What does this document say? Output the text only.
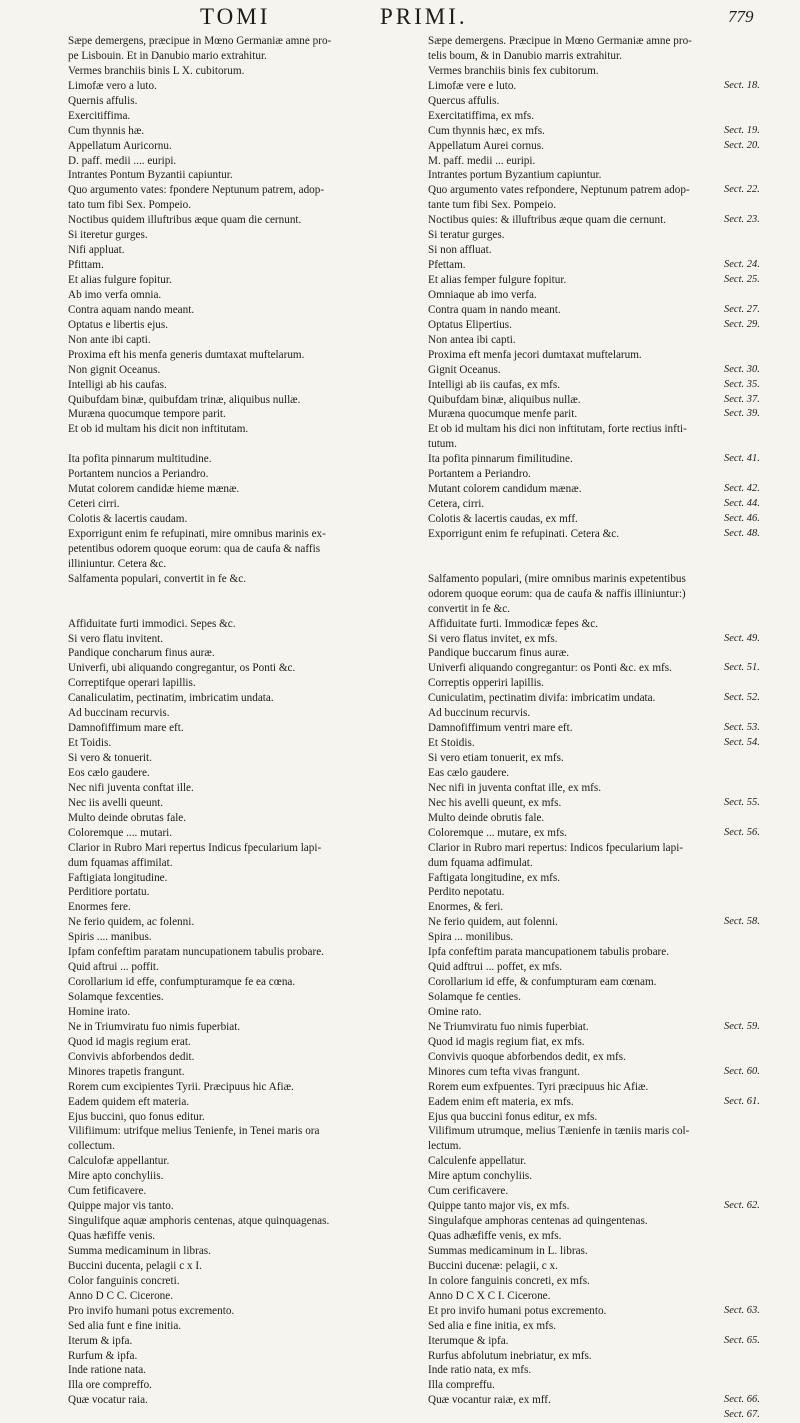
TOMI	PRIMI.	779
Sæpe demergens, præcipue in Mœno Germaniæ amne pro-
pe Lisbouin. Et in Danubio mario extrahitur.
Vermes branchiis binis L X. cubitorum.
Limofæ vero a luto.
Quernis affulis.
Exercitiffima.
Cum thynnis hæ.
Appellatum Auricornu.
D. paff. medii .... euripi.
Intrantes Pontum Byzantii capiuntur.
Quo argumento vates: fpondere Neptunum patrem, adop-
tato tum fibi Sex. Pompeio.
Noctibus quidem illuftribus æque quam die cernunt.
Si iteretur gurges.
Nifi appluat.
Pfittam.
Et alias fulgure fopitur.
Ab imo verfa omnia.
Contra aquam nando meant.
Optatus e libertis ejus.
Non ante ibi capti.
Proxima eft his menfa generis dumtaxat muftelarum.
Non gignit Oceanus.
Intelligi ab his caufas.
Quibufdam binæ, quibufdam trinæ, aliquibus nullæ.
Muræna quocumque tempore parit.
Et ob id multam his dicit non inftitutam.
Ita pofita pinnarum multitudine.
Portantem nuncios a Periandro.
Mutat colorem candidæ hieme mænæ.
Ceteri cirri.
Colotis & lacertis caudam.
Exporrigunt enim fe refupinati, mire omnibus marinis ex-
petentibus odorem quoque eorum: qua de caufa & naffis
illiniuntur. Cetera &c.
Salfamenta populari, convertit in fe &c.
Affiduitate furti immodici. Sepes &c.
Si vero flatu invitent.
Pandique concharum finus auræ.
Univerfi, ubi aliquando congregantur, os Ponti &c.
Correptifque operari lapillis.
Canaliculatim, pectinatim, imbricatim undata.
Ad buccinam recurvis.
Damnofiffimum mare eft.
Et Toidis.
Si vero & tonuerit.
Eos cælo gaudere.
Nec nifi juventa conftat ille.
Nec iis avelli queunt.
Multo deinde obrutas fale.
Coloremque .... mutari.
Clarior in Rubro Mari repertus Indicus fpecularium lapi-
dum fquamas affimilat.
Faftigiata longitudine.
Perditiore portatu.
Enormes fere.
Ne ferio quidem, ac folenni.
Spiris .... manibus.
Ipfam confeftim paratam nuncupationem tabulis probare.
Quid aftrui ... poffit.
Corollarium id effe, confumpturamque fe ea cœna.
Solamque fexcenties.
Homine irato.
Ne in Triumviratu fuo nimis fuperbiat.
Quod id magis regium erat.
Convivis abforbendos dedit.
Minores trapetis frangunt.
Rorem cum excipientes Tyrii. Præcipuus hic Afiæ.
Eadem quidem eft materia.
Ejus buccini, quo fonus editur.
Vilifiimum: utrifque melius Tenienfe, in Tenei maris ora
collectum.
Calculofæ appellantur.
Mire apto conchyliis.
Cum fetificavere.
Quippe major vis tanto.
Singulifque aquæ amphoris centenas, atque quinquagenas.
Quas hæfiffe venis.
Summa medicaminum in libras.
Buccini ducenta, pelagii c x I.
Color fanguinis concreti.
Anno D C C. Cicerone.
Pro invifo humani potus excremento.
Sed alia funt e fine initia.
Iterum & ipfa.
Rurfum & ipfa.
Inde ratione nata.
Illa ore compreffo.
Quæ vocatur raia.
Sæpe demergens. Præcipue in Mœno Germaniæ amne pro-
telis boum, & in Danubio marris extrahitur.
Vermes branchiis binis fex cubitorum.
Limofæ vere e luto.
Quercus affulis.
Exercitatiffima, ex mfs.
Cum thynnis hæc, ex mfs.
Appellatum Aurei cornus.
M. paff. medii ... euripi.
Intrantes portum Byzantium capiuntur.
Quo argumento vates refpondere, Neptunum patrem adop-
tante tum fibi Sex. Pompeio.
Noctibus quies: & illuftribus æque quam die cernunt.
Si teratur gurges.
Si non affluat.
Pfettam.
Et alias femper fulgure fopitur.
Omniaque ab imo verfa.
Contra quam in nando meant.
Optatus Elipertius.
Non antea ibi capti.
Proxima eft menfa jecori dumtaxat muftelarum.
Gignit Oceanus.
Intelligi ab iis caufas, ex mfs.
Quibufdam binæ, aliquibus nullæ.
Muræna quocumque menfe parit.
Et ob id multam his dici non inftitutam, forte rectius infti-
tutum.
Ita pofita pinnarum fimilitudine.
Portantem a Periandro.
Mutant colorem candidum mænæ.
Cetera, cirri.
Colotis & lacertis caudas, ex mff.
Exporrigunt enim fe refupinati. Cetera &c.
Salfamento populari, (mire omnibus marinis expetentibus
odorem quoque eorum: qua de caufa & naffis illiniuntur:)
convertit in fe &c.
Affiduitate furti. Immodicæ fepes &c.
Si vero flatus invitet, ex mfs.
Pandique buccarum finus auræ.
Univerfi aliquando congregantur: os Ponti &c. ex mfs.
Correptis opperiri lapillis.
Cuniculatim, pectinatim divifa: imbricatim undata.
Ad buccinum recurvis.
Damnofiffimum ventri mare eft.
Et Stoidis.
Si vero etiam tonuerit, ex mfs.
Eas cælo gaudere.
Nec nifi in juventa conftat ille, ex mfs.
Nec his avelli queunt, ex mfs.
Multo deinde obrutis fale.
Coloremque ... mutare, ex mfs.
Clarior in Rubro mari repertus: Indicos fpecularium lapi-
dum fquama adfimulat.
Faftigata longitudine, ex mfs.
Perdito nepotatu.
Enormes, & feri.
Ne ferio quidem, aut folenni.
Spira ... monilibus.
Ipfa confeftim parata mancupationem tabulis probare.
Quid adftrui ... poffet, ex mfs.
Corollarium id effe, & confumpturam eam cœnam.
Solamque fe centies.
Omine rato.
Ne Triumviratu fuo nimis fuperbiat.
Quod id magis regium fiat, ex mfs.
Convivis quoque abforbendos dedit, ex mfs.
Minores cum tefta vivas frangunt.
Rorem eum exfpuentes. Tyri præcipuus hic Afiæ.
Eadem enim eft materia, ex mfs.
Ejus qua buccini fonus editur, ex mfs.
Vilifimum utrumque, melius Tænienfe in tæniis maris col-
lectum.
Calculenfe appellatur.
Mire aptum conchyliis.
Cum cerificavere.
Quippe tanto major vis, ex mfs.
Singulafque amphoras centenas ad quingentenas.
Quas adhæfiffe venis, ex mfs.
Summas medicaminum in L. libras.
Buccini ducenæ: pelagii, c x.
In colore fanguinis concreti, ex mfs.
Anno D C X C I. Cicerone.
Et pro invifo humani potus excremento.
Sed alia e fine initia, ex mfs.
Iterumque & ipfa.
Rurfus abfolutum inebriatur, ex mfs.
Inde ratio nata, ex mfs.
Illa compreffu.
Quæ vocantur raiæ, ex mff.
Sect. 18.
Sect. 19.
Sect. 20.
Sect. 22.
Sect. 23.
Sect. 24.
Sect. 25.
Sect. 27.
Sect. 29.
Sect. 30.
Sect. 35.
Sect. 37.
Sect. 39.
Sect. 41.
Sect. 42.
Sect. 44.
Sect. 46.
Sect. 48.
Sect. 49.
Sect. 51.
Sect. 52.
Sect. 53.
Sect. 54.
Sect. 55.
Sect. 56.
Sect. 58.
Sect. 59.
Sect. 60.
Sect. 61.
Sect. 62.
Sect. 63.
Sect. 65.
Sect. 66.
Sect. 67.
